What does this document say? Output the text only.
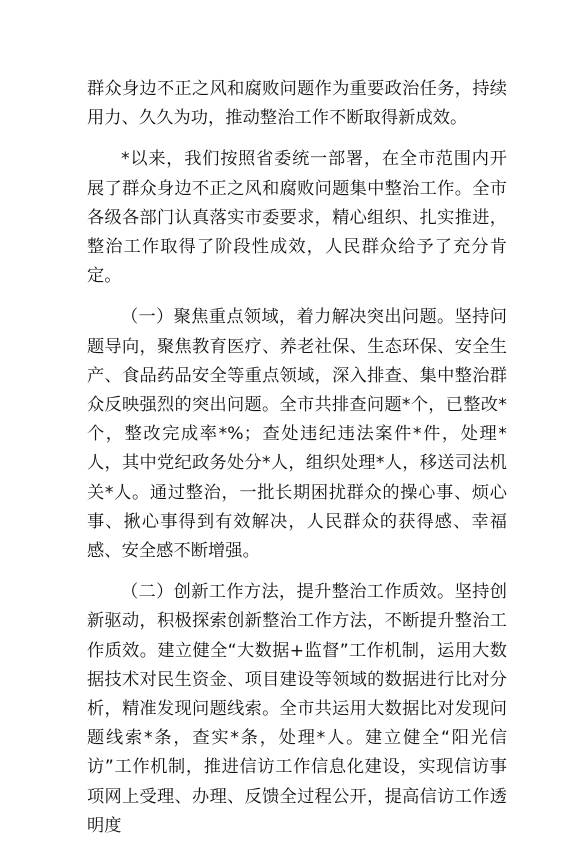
群众身边不正之风和腐败问题作为重要政治任务，持续用力、久久为功，推动整治工作不断取得新成效。

*以来，我们按照省委统一部署，在全市范围内开展了群众身边不正之风和腐败问题集中整治工作。全市各级各部门认真落实市委要求，精心组织、扎实推进，整治工作取得了阶段性成效，人民群众给予了充分肯定。

（一）聚焦重点领域，着力解决突出问题。坚持问题导向，聚焦教育医疗、养老社保、生态环保、安全生产、食品药品安全等重点领域，深入排查、集中整治群众反映强烈的突出问题。全市共排查问题*个，已整改*个，整改完成率*%；查处违纪违法案件*件，处理*人，其中党纪政务处分*人，组织处理*人，移送司法机关*人。通过整治，一批长期困扰群众的操心事、烦心事、揪心事得到有效解决，人民群众的获得感、幸福感、安全感不断增强。

（二）创新工作方法，提升整治工作质效。坚持创新驱动，积极探索创新整治工作方法，不断提升整治工作质效。建立健全“大数据+监督”工作机制，运用大数据技术对民生资金、项目建设等领域的数据进行比对分析，精准发现问题线索。全市共运用大数据比对发现问题线索*条，查实*条，处理*人。建立健全“阳光信访”工作机制，推进信访工作信息化建设，实现信访事项网上受理、办理、反馈全过程公开，提高信访工作透明度
